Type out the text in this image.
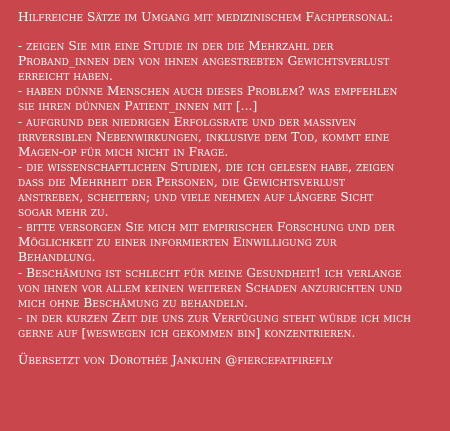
Hilfreiche Sätze im Umgang mit medizinischem Fachpersonal:
- zeigen Sie mir eine Studie in der die Mehrzahl der
Proband_innen den von ihnen angestrebten Gewichtsverlust
erreicht haben.
- haben dünne Menschen auch dieses Problem? was empfehlen
sie ihren dünnen Patient_innen mit [...]
- aufgrund der niedrigen Erfolgsrate und der massiven
irrversiblen Nebenwirkungen, inklusive dem Tod, kommt eine
Magen-op für mich nicht in Frage.
- die wissenschaftlichen Studien, die ich gelesen habe, zeigen
dass die Mehrheit der Personen, die Gewichtsverlust
anstreben, scheitern; und viele nehmen auf längere Sicht
sogar mehr zu.
- bitte versorgen Sie mich mit empirischer Forschung und der
Möglichkeit zu einer informierten Einwilligung zur
Behandlung.
- Beschämung ist schlecht für meine Gesundheit! ich verlange
von ihnen vor allem keinen weiteren Schaden anzurichten und
mich ohne Beschämung zu behandeln.
- in der kurzen Zeit die uns zur Verfügung steht würde ich mich
gerne auf [weswegen ich gekommen bin] konzentrieren.
Übersetzt von Dorothée Jankuhn @fiercefatfirefly
